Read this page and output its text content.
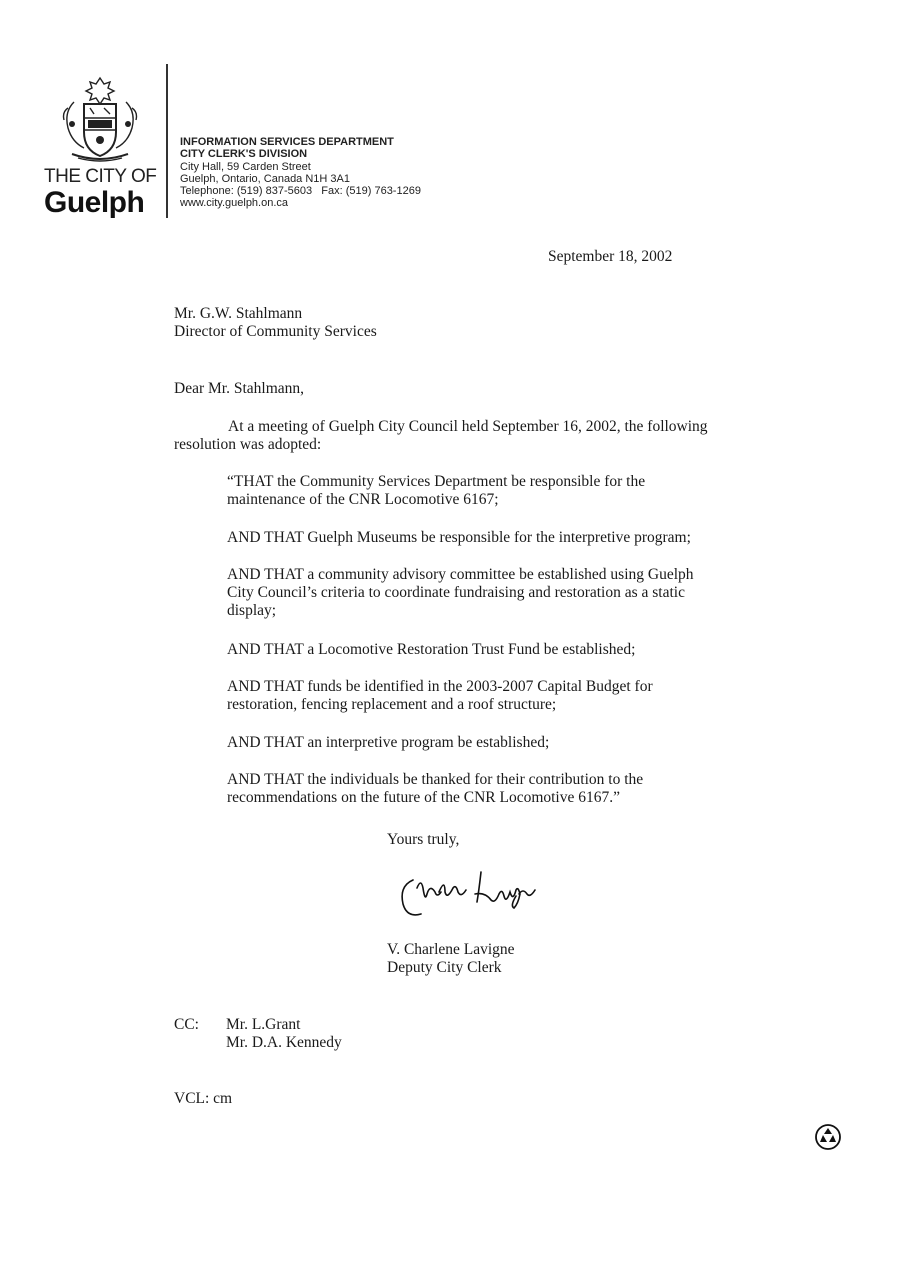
THE CITY OF
Guelph
INFORMATION SERVICES DEPARTMENT
CITY CLERK'S DIVISION
City Hall, 59 Carden Street
Guelph, Ontario, Canada N1H 3A1
Telephone: (519) 837-5603   Fax: (519) 763-1269
www.city.guelph.on.ca
September 18, 2002
Mr. G.W. Stahlmann
Director of Community Services
Dear Mr. Stahlmann,
At a meeting of Guelph City Council held September 16, 2002, the following
resolution was adopted:
“THAT the Community Services Department be responsible for the
maintenance of the CNR Locomotive 6167;
AND THAT Guelph Museums be responsible for the interpretive program;
AND THAT a community advisory committee be established using Guelph
City Council’s criteria to coordinate fundraising and restoration as a static
display;
AND THAT a Locomotive Restoration Trust Fund be established;
AND THAT funds be identified in the 2003-2007 Capital Budget for
restoration, fencing replacement and a roof structure;
AND THAT an interpretive program be established;
AND THAT the individuals be thanked for their contribution to the
recommendations on the future of the CNR Locomotive 6167.”
Yours truly,
V. Charlene Lavigne
Deputy City Clerk
CC: Mr. L.Grant
Mr. D.A. Kennedy
VCL: cm
